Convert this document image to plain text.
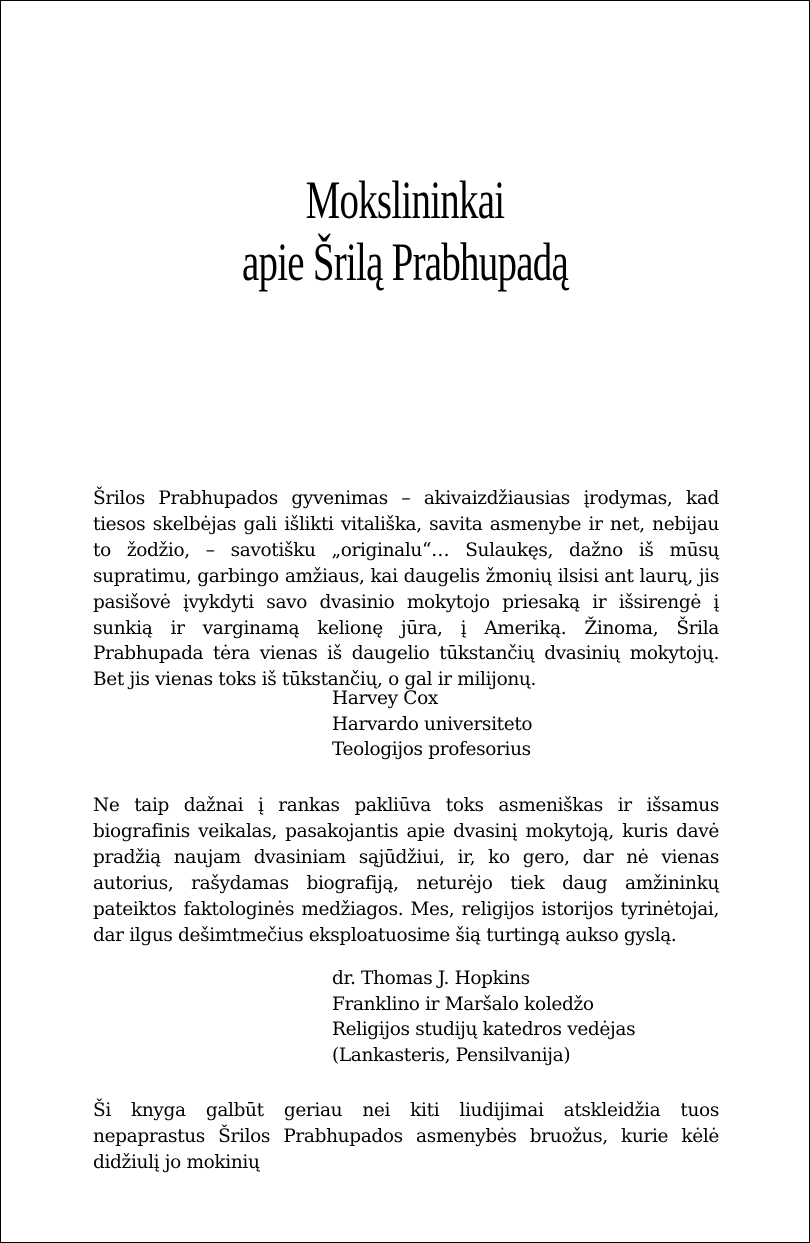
Mokslininkai
apie Šrilą Prabhupadą

Šrilos Prabhupados gyvenimas – akivaizdžiausias įrodymas, kad tiesos skelbėjas gali išlikti vitališka, savita asmenybe ir net, nebijau to žodžio, – savotišku „originalu“… Sulaukęs, dažno iš mūsų supratimu, garbingo amžiaus, kai daugelis žmonių ilsisi ant laurų, jis pasišovė įvykdyti savo dvasinio mokytojo priesaką ir išsirengė į sunkią ir varginamą kelionę jūra, į Ameriką. Žinoma, Šrila Prabhupada tėra vienas iš daugelio tūkstančių dvasinių mokytojų. Bet jis vienas toks iš tūkstančių, o gal ir milijonų.

Harvey Cox
Harvardo universiteto
Teologijos profesorius

Ne taip dažnai į rankas pakliūva toks asmeniškas ir išsamus biografinis veikalas, pasakojantis apie dvasinį mokytoją, kuris davė pradžią naujam dvasiniam sąjūdžiui, ir, ko gero, dar nė vienas autorius, rašydamas biografiją, neturėjo tiek daug amžininkų pateiktos faktologinės medžiagos. Mes, religijos istorijos tyrinėtojai, dar ilgus dešimtmečius eksploatuosime šią turtingą aukso gyslą.

dr. Thomas J. Hopkins
Franklino ir Maršalo koledžo
Religijos studijų katedros vedėjas
(Lankasteris, Pensilvanija)

Ši knyga galbūt geriau nei kiti liudijimai atskleidžia tuos nepaprastus Šrilos Prabhupados asmenybės bruožus, kurie kėlė didžiulį jo mokinių
